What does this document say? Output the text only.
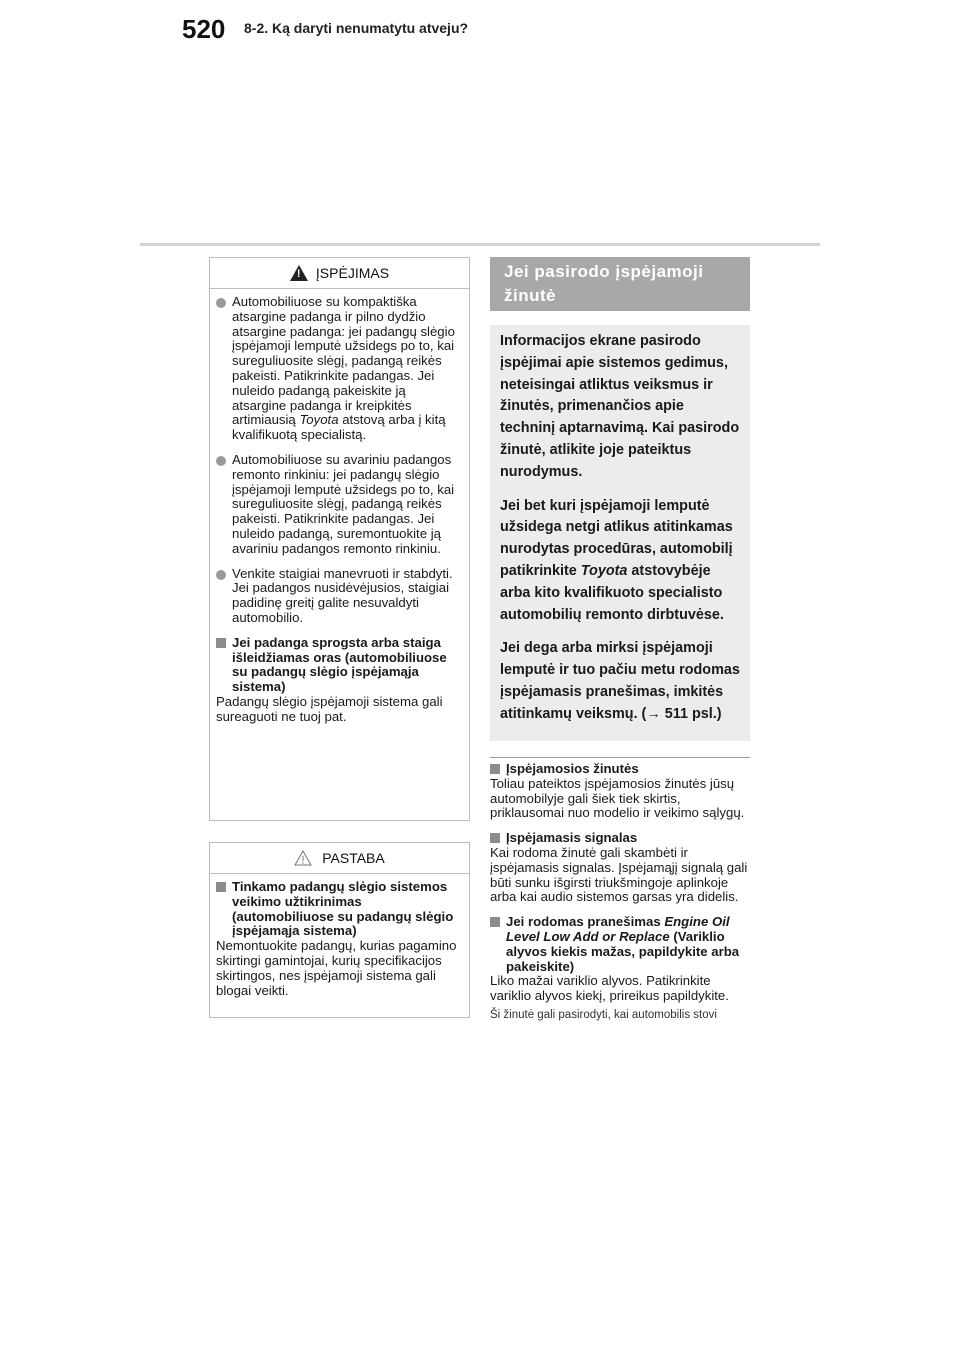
520 8-2. Ką daryti nenumatytu atveju?
!
ĮSPĖJIMAS
Automobiliuose su kompaktiška atsargine padanga ir pilno dydžio atsargine padanga: jei padangų slėgio įspėjamoji lemputė užsidegs po to, kai sureguliuosite slėgį, padangą reikės pakeisti. Patikrinkite padangas. Jei nuleido padangą pakeiskite ją atsargine padanga ir kreipkitės artimiausią Toyota atstovą arba į kitą kvalifikuotą specialistą.
Automobiliuose su avariniu padangos remonto rinkiniu: jei padangų slėgio įspėjamoji lemputė užsidegs po to, kai sureguliuosite slėgį, padangą reikės pakeisti. Patikrinkite padangas. Jei nuleido padangą, suremontuokite ją avariniu padangos remonto rinkiniu.
Venkite staigiai manevruoti ir stabdyti. Jei padangos nusidėvėjusios, staigiai padidinę greitį galite nesuvaldyti automobilio.
Jei padanga sprogsta arba staiga išleidžiamas oras (automobiliuose su padangų slėgio įspėjamąja sistema)

Padangų slėgio įspėjamoji sistema gali sureaguoti ne tuoj pat.

PASTABA
Tinkamo padangų slėgio sistemos veikimo užtikrinimas (automobiliuose su padangų slėgio įspėjamąja sistema)

Nemontuokite padangų, kurias pagamino skirtingi gamintojai, kurių specifikacijos skirtingos, nes įspėjamoji sistema gali blogai veikti.

Jei pasirodo įspėjamoji žinutė

Informacijos ekrane pasirodo įspėjimai apie sistemos gedimus, neteisingai atliktus veiksmus ir žinutės, primenančios apie techninį aptarnavimą. Kai pasirodo žinutė, atlikite joje pateiktus nurodymus.

Jei bet kuri įspėjamoji lemputė užsidega netgi atlikus atitinkamas nurodytas procedūras, automobilį patikrinkite Toyota atstovybėje arba kito kvalifikuoto specialisto automobilių remonto dirbtuvėse.

Jei dega arba mirksi įspėjamoji lemputė ir tuo pačiu metu rodomas įspėjamasis pranešimas, imkitės atitinkamų veiksmų. (→ 511 psl.)

Įspėjamosios žinutės
Toliau pateiktos įspėjamosios žinutės jūsų automobilyje gali šiek tiek skirtis, priklausomai nuo modelio ir veikimo sąlygų.
Įspėjamasis signalas
Kai rodoma žinutė gali skambėti ir įspėjamasis signalas. Įspėjamąjį signalą gali būti sunku išgirsti triukšmingoje aplinkoje arba kai audio sistemos garsas yra didelis.
Jei rodomas pranešimas Engine Oil Level Low Add or Replace (Variklio alyvos kiekis mažas, papildykite arba pakeiskite)
Liko mažai variklio alyvos. Patikrinkite variklio alyvos kiekį, prireikus papildykite.
Ši žinutė gali pasirodyti, kai automobilis stovi
